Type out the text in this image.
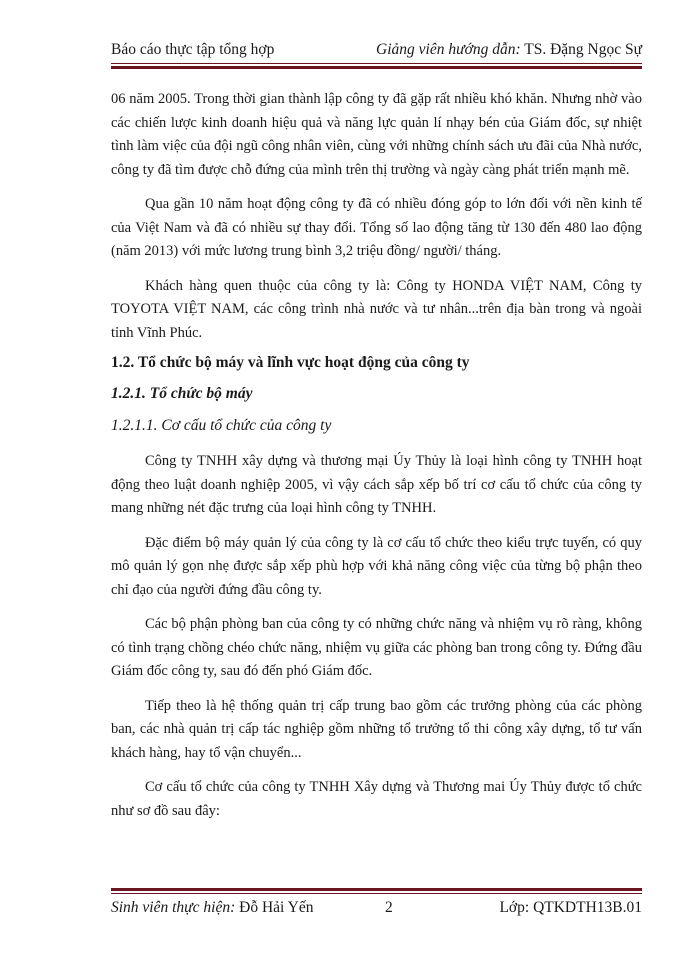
Báo cáo thực tập tổng hợp	Giảng viên hướng dẫn: TS. Đặng Ngọc Sự

06 năm 2005. Trong thời gian thành lập công ty đã gặp rất nhiều khó khăn. Nhưng nhờ vào các chiến lược kinh doanh hiệu quả và năng lực quản lí nhạy bén của Giám đốc, sự nhiệt tình làm việc của đội ngũ công nhân viên, cùng với những chính sách ưu đãi của Nhà nước, công ty đã tìm được chỗ đứng của mình trên thị trường và ngày càng phát triển mạnh mẽ.

Qua gần 10 năm hoạt động công ty đã có nhiều đóng góp to lớn đối với nền kinh tế của Việt Nam và đã có nhiều sự thay đổi. Tổng số lao động tăng từ 130 đến 480 lao động (năm 2013) với mức lương trung bình 3,2 triệu đồng/ người/ tháng.

Khách hàng quen thuộc của công ty là: Công ty HONDA VIỆT NAM, Công ty TOYOTA VIỆT NAM, các công trình nhà nước và tư nhân...trên địa bàn trong và ngoài tỉnh Vĩnh Phúc.

1.2. Tổ chức bộ máy và lĩnh vực hoạt động của công ty
1.2.1. Tổ chức bộ máy
1.2.1.1. Cơ cấu tổ chức của công ty

Công ty TNHH xây dựng và thương mại Úy Thủy là loại hình công ty TNHH hoạt động theo luật doanh nghiệp 2005, vì vậy cách sắp xếp bố trí cơ cấu tổ chức của công ty mang những nét đặc trưng của loại hình công ty TNHH.

Đặc điểm bộ máy quản lý của công ty là cơ cấu tổ chức theo kiểu trực tuyến, có quy mô quản lý gọn nhẹ được sắp xếp phù hợp với khả năng công việc của từng bộ phận theo chỉ đạo của người đứng đầu công ty.

Các bộ phận phòng ban của công ty có những chức năng và nhiệm vụ rõ ràng, không có tình trạng chồng chéo chức năng, nhiệm vụ giữa các phòng ban trong công ty. Đứng đầu Giám đốc công ty, sau đó đến phó Giám đốc.

Tiếp theo là hệ thống quản trị cấp trung bao gồm các trưởng phòng của các phòng ban, các nhà quản trị cấp tác nghiệp gồm những tổ trưởng tổ thi công xây dựng, tổ tư vấn khách hàng, hay tổ vận chuyển...

Cơ cấu tổ chức của công ty TNHH Xây dựng và Thương mai Úy Thủy được tổ chức như sơ đồ sau đây:

Sinh viên thực hiện: Đỗ Hải Yến	2	Lớp: QTKDTH13B.01
